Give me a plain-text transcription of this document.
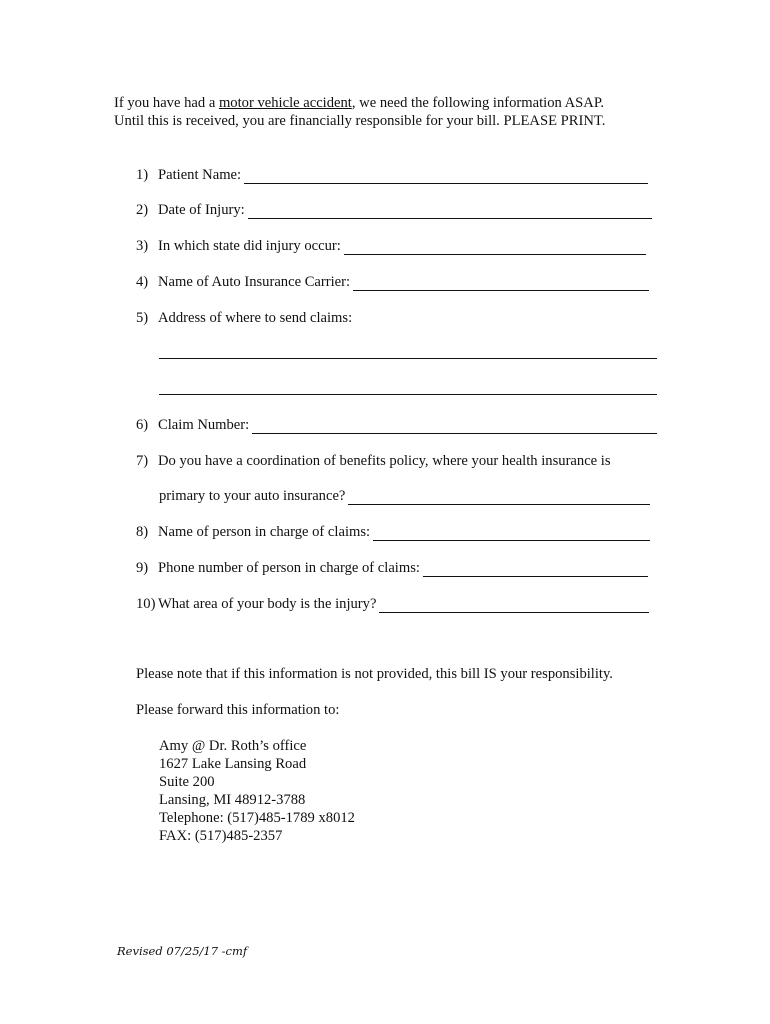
If you have had a motor vehicle accident, we need the following information ASAP.
Until this is received, you are financially responsible for your bill. PLEASE PRINT.
1) Patient Name:
2) Date of Injury:
3) In which state did injury occur:
4) Name of Auto Insurance Carrier:
5) Address of where to send claims:
6) Claim Number:
7) Do you have a coordination of benefits policy, where your health insurance is
primary to your auto insurance?
8) Name of person in charge of claims:
9) Phone number of person in charge of claims:
10) What area of your body is the injury?
Please note that if this information is not provided, this bill IS your responsibility.
Please forward this information to:
Amy @ Dr. Roth’s office
1627 Lake Lansing Road
Suite 200
Lansing, MI 48912-3788
Telephone: (517)485-1789 x8012
FAX: (517)485-2357
Revised 07/25/17 -cmf
